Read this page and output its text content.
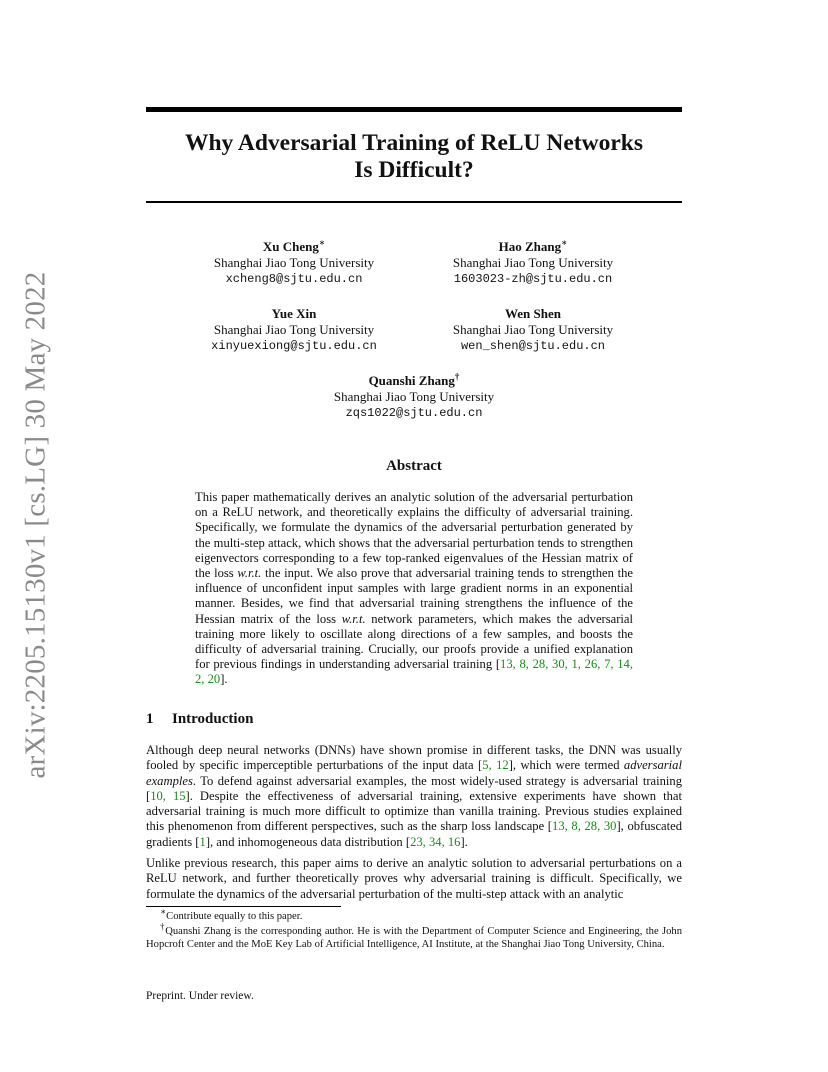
arXiv:2205.15130v1 [cs.LG] 30 May 2022
Why Adversarial Training of ReLU Networks
Is Difficult?
Xu Cheng∗
Shanghai Jiao Tong University
xcheng8@sjtu.edu.cn
Hao Zhang∗
Shanghai Jiao Tong University
1603023-zh@sjtu.edu.cn
Yue Xin
Shanghai Jiao Tong University
xinyuexiong@sjtu.edu.cn
Wen Shen
Shanghai Jiao Tong University
wen_shen@sjtu.edu.cn
Quanshi Zhang†
Shanghai Jiao Tong University
zqs1022@sjtu.edu.cn
Abstract
This paper mathematically derives an analytic solution of the adversarial perturbation on a ReLU network, and theoretically explains the difficulty of adversarial training. Specifically, we formulate the dynamics of the adversarial perturbation generated by the multi-step attack, which shows that the adversarial perturbation tends to strengthen eigenvectors corresponding to a few top-ranked eigenvalues of the Hessian matrix of the loss w.r.t. the input. We also prove that adversarial training tends to strengthen the influence of unconfident input samples with large gradient norms in an exponential manner. Besides, we find that adversarial training strengthens the influence of the Hessian matrix of the loss w.r.t. network parameters, which makes the adversarial training more likely to oscillate along directions of a few samples, and boosts the difficulty of adversarial training. Crucially, our proofs provide a unified explanation for previous findings in understanding adversarial training [13, 8, 28, 30, 1, 26, 7, 14, 2, 20].
1 Introduction
Although deep neural networks (DNNs) have shown promise in different tasks, the DNN was usually fooled by specific imperceptible perturbations of the input data [5, 12], which were termed adversarial examples. To defend against adversarial examples, the most widely-used strategy is adversarial training [10, 15]. Despite the effectiveness of adversarial training, extensive experiments have shown that adversarial training is much more difficult to optimize than vanilla training. Previous studies explained this phenomenon from different perspectives, such as the sharp loss landscape [13, 8, 28, 30], obfuscated gradients [1], and inhomogeneous data distribution [23, 34, 16].
Unlike previous research, this paper aims to derive an analytic solution to adversarial perturbations on a ReLU network, and further theoretically proves why adversarial training is difficult. Specifically, we formulate the dynamics of the adversarial perturbation of the multi-step attack with an analytic
∗Contribute equally to this paper.
†Quanshi Zhang is the corresponding author. He is with the Department of Computer Science and Engineering, the John Hopcroft Center and the MoE Key Lab of Artificial Intelligence, AI Institute, at the Shanghai Jiao Tong University, China.
Preprint. Under review.
